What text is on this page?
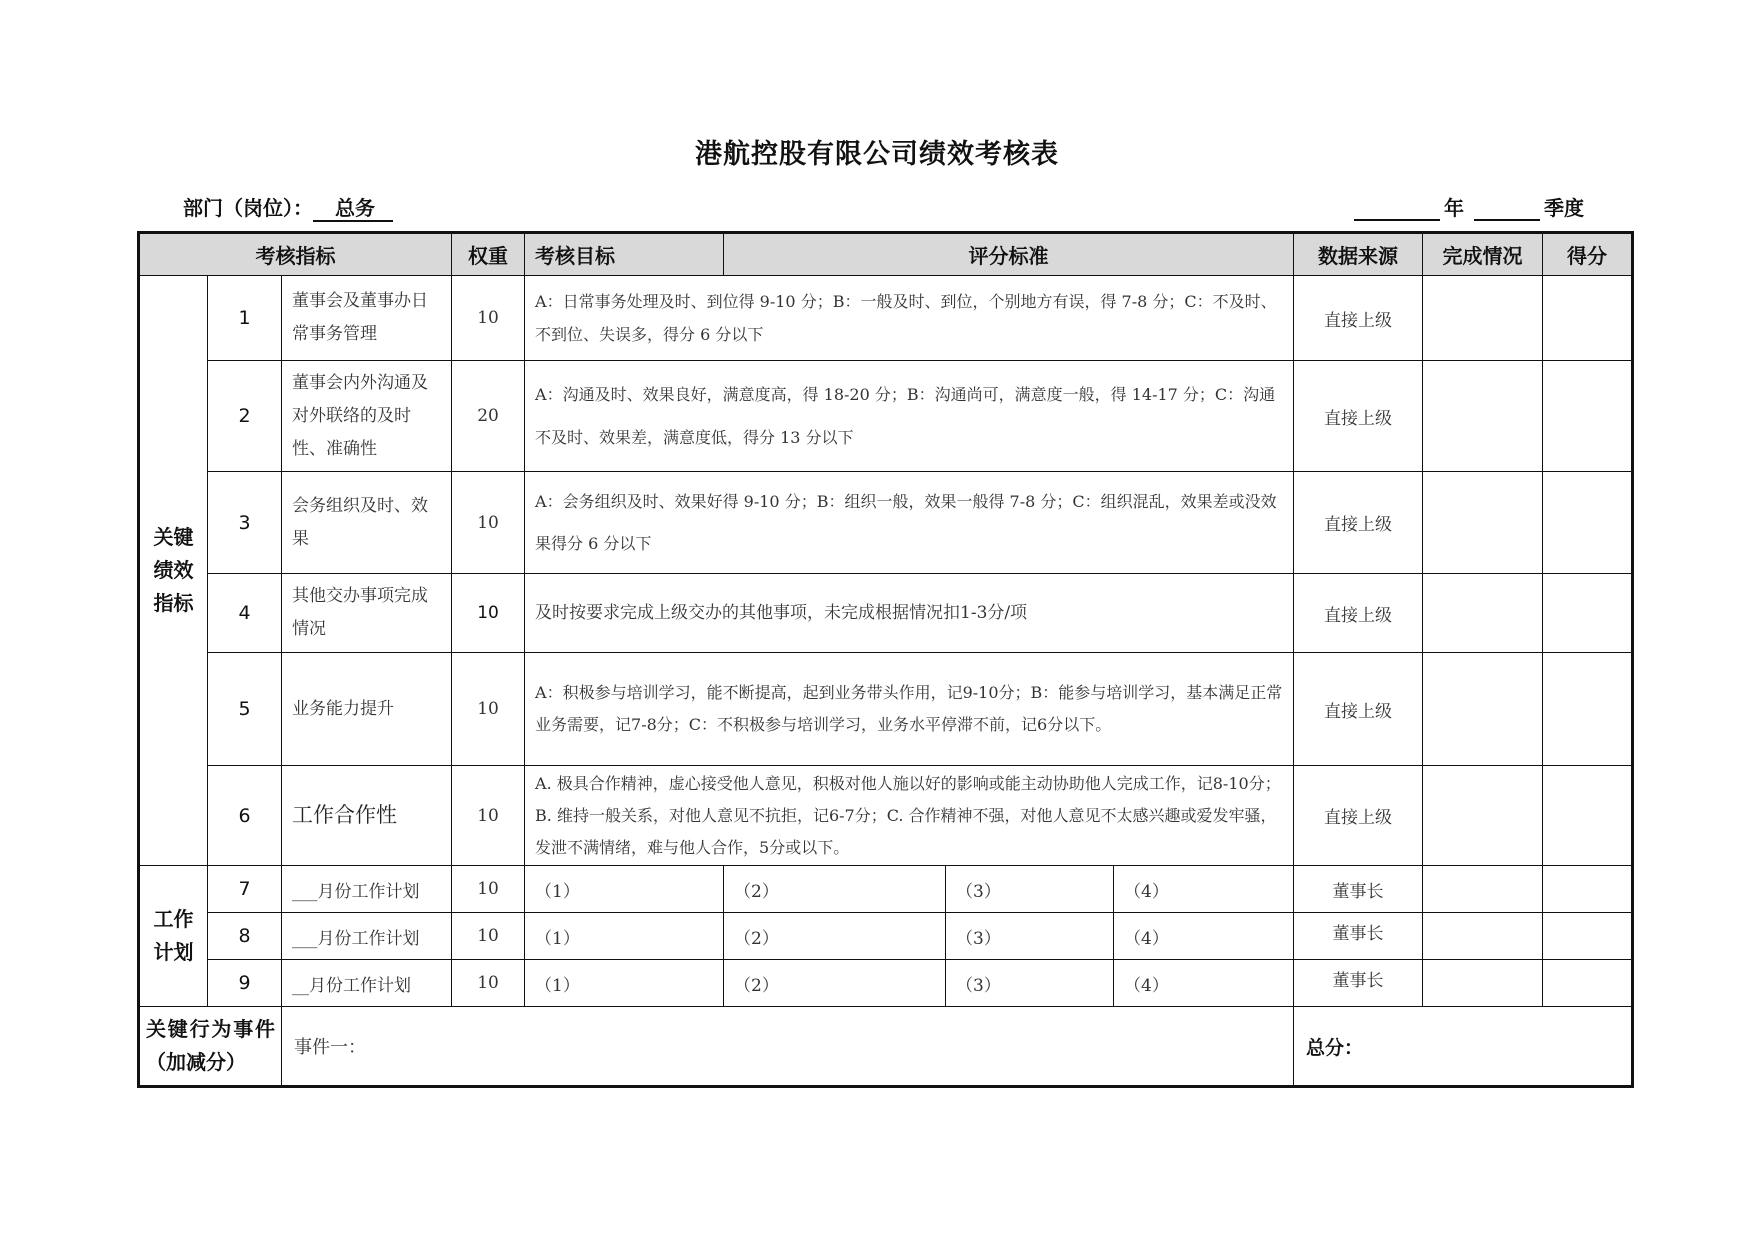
港航控股有限公司绩效考核表
部门（岗位）： 总务	年	季度
考核指标			权重	考核目标	评分标准			数据来源	完成情况	得分

关键绩效指标	1	董事会及董事办日常事务管理	10	A：日常事务处理及时、到位得 9-10 分；B：一般及时、到位，个别地方有误，得 7-8 分；C：不及时、不到位、失误多，得分 6 分以下				直接上级		
	2	董事会内外沟通及对外联络的及时性、准确性	20	A：沟通及时、效果良好，满意度高，得 18-20 分；B：沟通尚可，满意度一般，得 14-17 分；C：沟通不及时、效果差，满意度低，得分 13 分以下				直接上级		
	3	会务组织及时、效果	10	A：会务组织及时、效果好得 9-10 分；B：组织一般，效果一般得 7-8 分；C：组织混乱，效果差或没效果得分 6 分以下				直接上级		
	4	其他交办事项完成情况	10	及时按要求完成上级交办的其他事项，未完成根据情况扣1-3分/项				直接上级		
	5	业务能力提升	10	A：积极参与培训学习，能不断提高，起到业务带头作用，记9-10分；B：能参与培训学习，基本满足正常业务需要，记7-8分；C：不积极参与培训学习，业务水平停滞不前，记6分以下。				直接上级		
	6	工作合作性	10	A. 极具合作精神，虚心接受他人意见，积极对他人施以好的影响或能主动协助他人完成工作，记8-10分；B. 维持一般关系，对他人意见不抗拒，记6-7分；C. 合作精神不强，对他人意见不太感兴趣或爱发牢骚，发泄不满情绪，难与他人合作，5分或以下。				直接上级		

工作计划	7	___月份工作计划	10	（1）	（2）	（3）	（4）	董事长		
	8	___月份工作计划	10	（1）	（2）	（3）	（4）	董事长		
	9	__月份工作计划	10	（1）	（2）	（3）	（4）	董事长		
关键行为事件（加减分）		事件一：						总分：		
